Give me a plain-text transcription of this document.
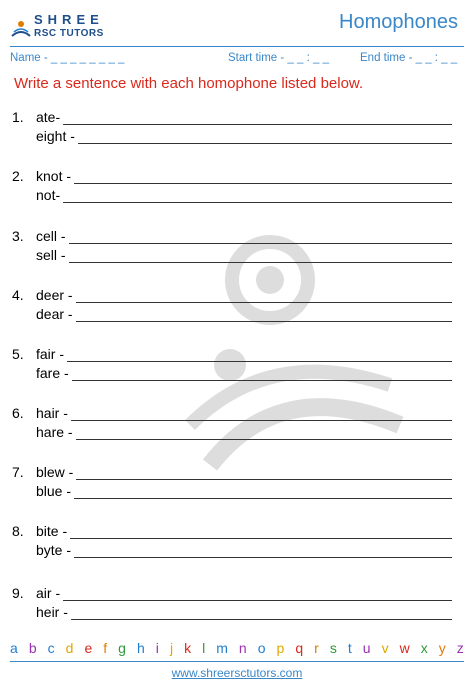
SHREE
RSC TUTORS
Homophones
Name - _ _ _ _ _ _ _ _	Start time - _ _ : _ _	End time - _ _ : _ _
Write a sentence with each homophone listed below.
1. ate-
eight -
2. knot -
not-
3. cell -
sell -
4. deer -
dear -
5. fair -
fare -
6. hair -
hare -
7. blew -
blue -
8. bite -
byte -
9. air -
heir -
a b c d e f g h i j k l m n o p q r s t u v w x y z
www.shreersctutors.com
